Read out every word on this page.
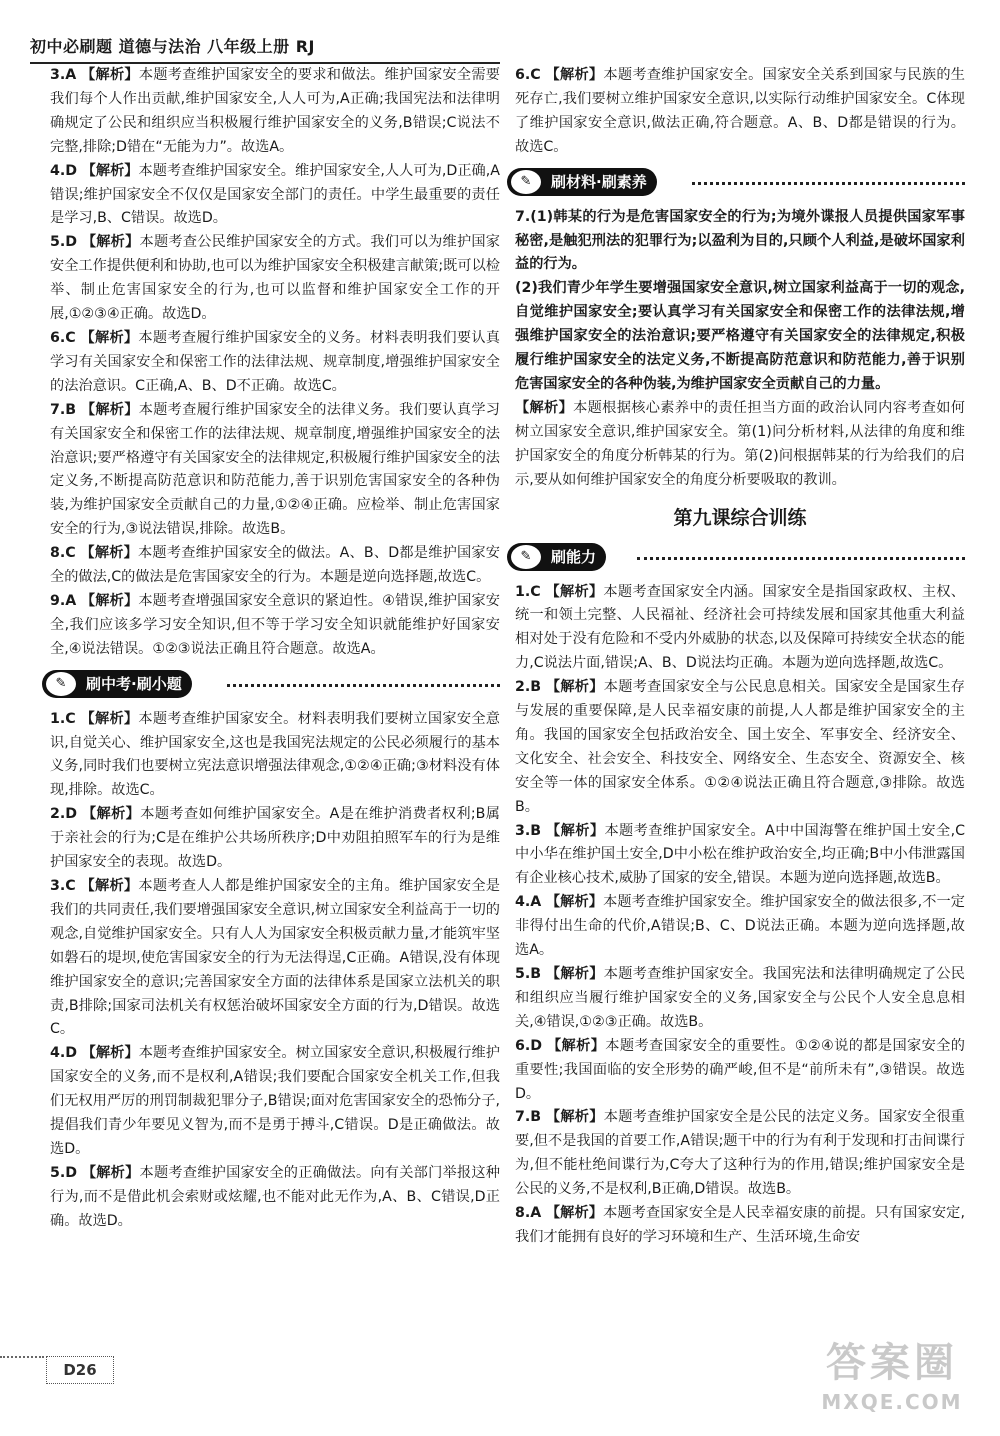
初中必刷题 道德与法治 八年级上册 RJ
3.A 【解析】本题考查维护国家安全的要求和做法。维护国家安全需要我们每个人作出贡献,维护国家安全,人人可为,A正确;我国宪法和法律明确规定了公民和组织应当积极履行维护国家安全的义务,B错误;C说法不完整,排除;D错在“无能为力”。故选A。
4.D 【解析】本题考查维护国家安全。维护国家安全,人人可为,D正确,A错误;维护国家安全不仅仅是国家安全部门的责任。中学生最重要的责任是学习,B、C错误。故选D。
5.D 【解析】本题考查公民维护国家安全的方式。我们可以为维护国家安全工作提供便利和协助,也可以为维护国家安全积极建言献策;既可以检举、制止危害国家安全的行为,也可以监督和维护国家安全工作的开展,①②③④正确。故选D。
6.C 【解析】本题考查履行维护国家安全的义务。材料表明我们要认真学习有关国家安全和保密工作的法律法规、规章制度,增强维护国家安全的法治意识。C正确,A、B、D不正确。故选C。
7.B 【解析】本题考查履行维护国家安全的法律义务。我们要认真学习有关国家安全和保密工作的法律法规、规章制度,增强维护国家安全的法治意识;要严格遵守有关国家安全的法律规定,积极履行维护国家安全的法定义务,不断提高防范意识和防范能力,善于识别危害国家安全的各种伪装,为维护国家安全贡献自己的力量,①②④正确。应检举、制止危害国家安全的行为,③说法错误,排除。故选B。
8.C 【解析】本题考查维护国家安全的做法。A、B、D都是维护国家安全的做法,C的做法是危害国家安全的行为。本题是逆向选择题,故选C。
9.A 【解析】本题考查增强国家安全意识的紧迫性。④错误,维护国家安全,我们应该多学习安全知识,但不等于学习安全知识就能维护好国家安全,④说法错误。①②③说法正确且符合题意。故选A。
✎	刷中考·刷小题
1.C 【解析】本题考查维护国家安全。材料表明我们要树立国家安全意识,自觉关心、维护国家安全,这也是我国宪法规定的公民必须履行的基本义务,同时我们也要树立宪法意识增强法律观念,①②④正确;③材料没有体现,排除。故选C。
2.D 【解析】本题考查如何维护国家安全。A是在维护消费者权利;B属于亲社会的行为;C是在维护公共场所秩序;D中劝阻拍照军车的行为是维护国家安全的表现。故选D。
3.C 【解析】本题考查人人都是维护国家安全的主角。维护国家安全是我们的共同责任,我们要增强国家安全意识,树立国家安全利益高于一切的观念,自觉维护国家安全。只有人人为国家安全积极贡献力量,才能筑牢坚如磐石的堤坝,使危害国家安全的行为无法得逞,C正确。A错误,没有体现维护国家安全的意识;完善国家安全方面的法律体系是国家立法机关的职责,B排除;国家司法机关有权惩治破坏国家安全方面的行为,D错误。故选C。
4.D 【解析】本题考查维护国家安全。树立国家安全意识,积极履行维护国家安全的义务,而不是权利,A错误;我们要配合国家安全机关工作,但我们无权用严厉的刑罚制裁犯罪分子,B错误;面对危害国家安全的恐怖分子,提倡我们青少年要见义智为,而不是勇于搏斗,C错误。D是正确做法。故选D。
5.D 【解析】本题考查维护国家安全的正确做法。向有关部门举报这种行为,而不是借此机会索财或炫耀,也不能对此无作为,A、B、C错误,D正确。故选D。
6.C 【解析】本题考查维护国家安全。国家安全关系到国家与民族的生死存亡,我们要树立维护国家安全意识,以实际行动维护国家安全。C体现了维护国家安全意识,做法正确,符合题意。A、B、D都是错误的行为。故选C。
✎	刷材料·刷素养
7.(1)韩某的行为是危害国家安全的行为;为境外谍报人员提供国家军事秘密,是触犯刑法的犯罪行为;以盈利为目的,只顾个人利益,是破坏国家利益的行为。
(2)我们青少年学生要增强国家安全意识,树立国家利益高于一切的观念,自觉维护国家安全;要认真学习有关国家安全和保密工作的法律法规,增强维护国家安全的法治意识;要严格遵守有关国家安全的法律规定,积极履行维护国家安全的法定义务,不断提高防范意识和防范能力,善于识别危害国家安全的各种伪装,为维护国家安全贡献自己的力量。
【解析】本题根据核心素养中的责任担当方面的政治认同内容考查如何树立国家安全意识,维护国家安全。第(1)问分析材料,从法律的角度和维护国家安全的角度分析韩某的行为。第(2)问根据韩某的行为给我们的启示,要从如何维护国家安全的角度分析要吸取的教训。
第九课综合训练
✎	刷能力
1.C 【解析】本题考查国家安全内涵。国家安全是指国家政权、主权、统一和领土完整、人民福祉、经济社会可持续发展和国家其他重大利益相对处于没有危险和不受内外威胁的状态,以及保障可持续安全状态的能力,C说法片面,错误;A、B、D说法均正确。本题为逆向选择题,故选C。
2.B 【解析】本题考查国家安全与公民息息相关。国家安全是国家生存与发展的重要保障,是人民幸福安康的前提,人人都是维护国家安全的主角。我国的国家安全包括政治安全、国土安全、军事安全、经济安全、文化安全、社会安全、科技安全、网络安全、生态安全、资源安全、核安全等一体的国家安全体系。①②④说法正确且符合题意,③排除。故选B。
3.B 【解析】本题考查维护国家安全。A中中国海警在维护国土安全,C中小华在维护国土安全,D中小松在维护政治安全,均正确;B中小伟泄露国有企业核心技术,威胁了国家的安全,错误。本题为逆向选择题,故选B。
4.A 【解析】本题考查维护国家安全。维护国家安全的做法很多,不一定非得付出生命的代价,A错误;B、C、D说法正确。本题为逆向选择题,故选A。
5.B 【解析】本题考查维护国家安全。我国宪法和法律明确规定了公民和组织应当履行维护国家安全的义务,国家安全与公民个人安全息息相关,④错误,①②③正确。故选B。
6.D 【解析】本题考查国家安全的重要性。①②④说的都是国家安全的重要性;我国面临的安全形势的确严峻,但不是“前所未有”,③错误。故选D。
7.B 【解析】本题考查维护国家安全是公民的法定义务。国家安全很重要,但不是我国的首要工作,A错误;题干中的行为有利于发现和打击间谍行为,但不能杜绝间谍行为,C夸大了这种行为的作用,错误;维护国家安全是公民的义务,不是权利,B正确,D错误。故选B。
8.A 【解析】本题考查国家安全是人民幸福安康的前提。只有国家安定,我们才能拥有良好的学习环境和生产、生活环境,生命安
D26	答案圈
MXQE.COM
